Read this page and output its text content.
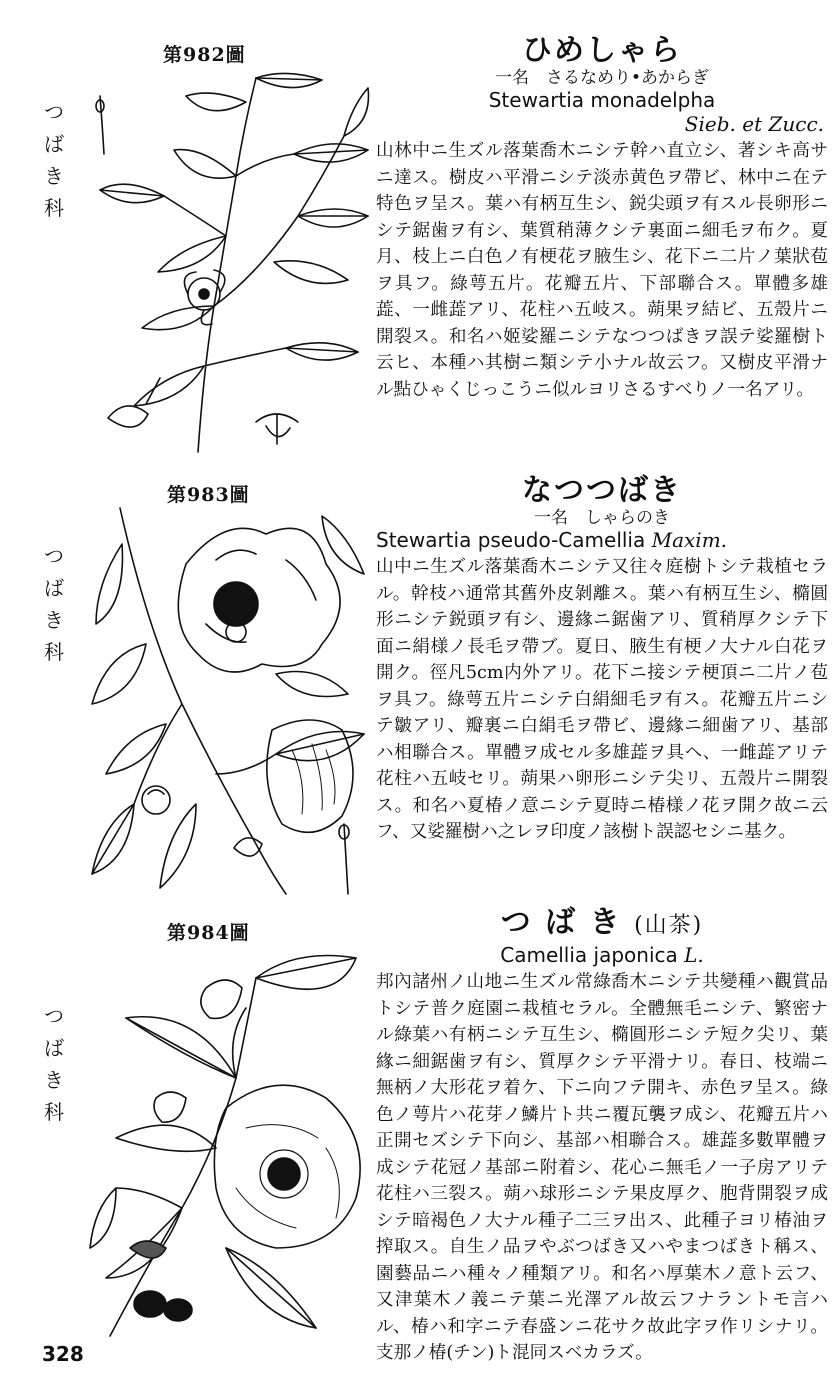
第982圖
つ
ば
き
科
ひめしゃら
一名　さるなめり•あからぎ
Stewartia monadelpha
Sieb. et Zucc.
山林中ニ生ズル落葉喬木ニシテ幹ハ直立シ、著シキ高サニ達ス。樹皮ハ平滑ニシテ淡赤黄色ヲ帶ビ、林中ニ在テ特色ヲ呈ス。葉ハ有柄互生シ、鋭尖頭ヲ有スル長卵形ニシテ鋸歯ヲ有シ、葉質稍薄クシテ裏面ニ細毛ヲ布ク。夏月、枝上ニ白色ノ有梗花ヲ腋生シ、花下ニ二片ノ葉狀苞ヲ具フ。綠萼五片。花瓣五片、下部聯合ス。單體多雄蕋、一雌蕋アリ、花柱ハ五岐ス。蒴果ヲ結ビ、五殼片ニ開裂ス。和名ハ姬娑羅ニシテなつつばきヲ誤テ娑羅樹ト云ヒ、本種ハ其樹ニ類シテ小ナル故云フ。又樹皮平滑ナル點ひゃくじっこうニ似ルヨリさるすべりノ一名アリ。
第983圖
つ
ば
き
科
なつつばき
一名　しゃらのき
Stewartia pseudo-Camellia Maxim.
山中ニ生ズル落葉喬木ニシテ又往々庭樹トシテ栽植セラル。幹枝ハ通常其舊外皮剝離ス。葉ハ有柄互生シ、橢圓形ニシテ鋭頭ヲ有シ、邊緣ニ鋸歯アリ、質稍厚クシテ下面ニ絹様ノ長毛ヲ帶ブ。夏日、腋生有梗ノ大ナル白花ヲ開ク。徑凡5cm内外アリ。花下ニ接シテ梗頂ニ二片ノ苞ヲ具フ。綠萼五片ニシテ白絹細毛ヲ有ス。花瓣五片ニシテ皺アリ、瓣裏ニ白絹毛ヲ帶ビ、邊緣ニ細歯アリ、基部ハ相聯合ス。單體ヲ成セル多雄蕋ヲ具ヘ、一雌蕋アリテ花柱ハ五岐セリ。蒴果ハ卵形ニシテ尖リ、五殼片ニ開裂ス。和名ハ夏椿ノ意ニシテ夏時ニ椿様ノ花ヲ開ク故ニ云フ、又娑羅樹ハ之レヲ印度ノ該樹ト誤認セシニ基ク。
第984圖
つ
ば
き
科
つ ば き (山茶)
Camellia japonica L.
邦內諸州ノ山地ニ生ズル常綠喬木ニシテ共變種ハ觀賞品トシテ普ク庭園ニ栽植セラル。全體無毛ニシテ、繁密ナル綠葉ハ有柄ニシテ互生シ、橢圓形ニシテ短ク尖リ、葉緣ニ細鋸歯ヲ有シ、質厚クシテ平滑ナリ。春日、枝端ニ無柄ノ大形花ヲ着ケ、下ニ向フテ開キ、赤色ヲ呈ス。綠色ノ萼片ハ花芽ノ鱗片ト共ニ覆瓦襲ヲ成シ、花瓣五片ハ正開セズシテ下向シ、基部ハ相聯合ス。雄蕋多數單體ヲ成シテ花冠ノ基部ニ附着シ、花心ニ無毛ノ一子房アリテ花柱ハ三裂ス。蒴ハ球形ニシテ果皮厚ク、胞背開裂ヲ成シテ暗褐色ノ大ナル種子二三ヲ出ス、此種子ヨリ椿油ヲ搾取ス。自生ノ品ヲやぶつばき又ハやまつばきト稱ス、園藝品ニハ種々ノ種類アリ。和名ハ厚葉木ノ意ト云フ、又津葉木ノ義ニテ葉ニ光澤アル故云フナラントモ言ハル、椿ハ和字ニテ春盛ンニ花サク故此字ヲ作リシナリ。支那ノ椿(チン)ト混同スベカラズ。
328
